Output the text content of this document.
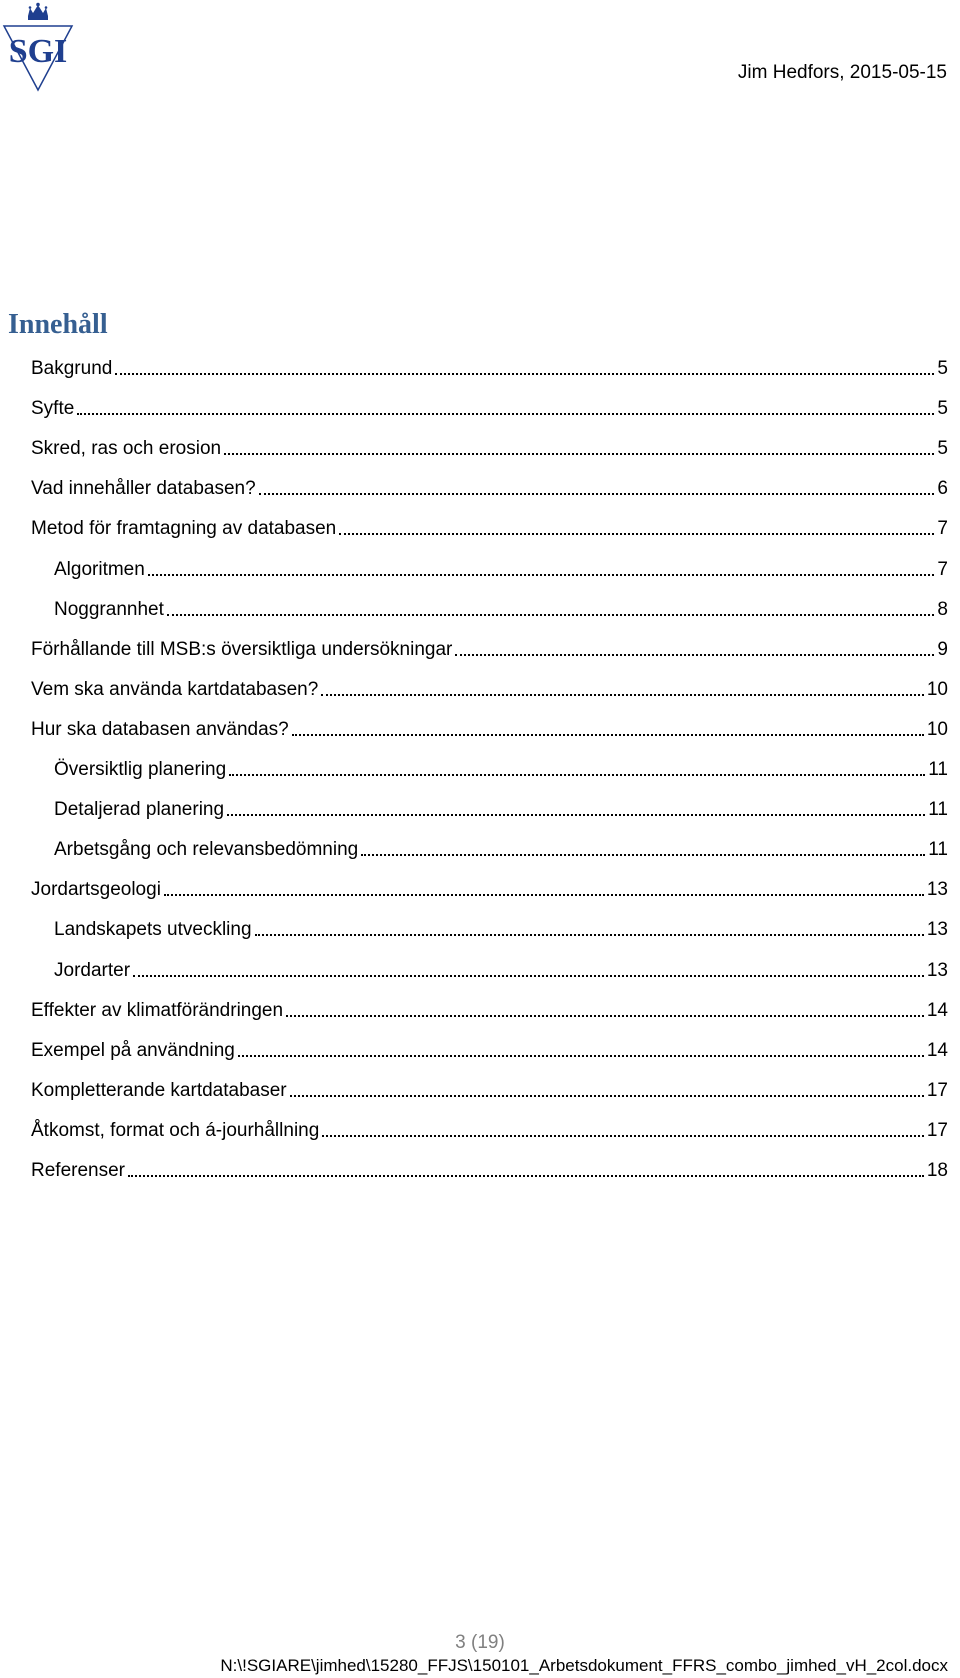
SGI
Jim Hedfors, 2015-05-15
Innehåll
Bakgrund	5
Syfte	5
Skred, ras och erosion	5
Vad innehåller databasen?	6
Metod för framtagning av databasen	7
Algoritmen	7
Noggrannhet	8
Förhållande till MSB:s översiktliga undersökningar	9
Vem ska använda kartdatabasen?	10
Hur ska databasen användas?	10
Översiktlig planering	11
Detaljerad planering	11
Arbetsgång och relevansbedömning	11
Jordartsgeologi	13
Landskapets utveckling	13
Jordarter	13
Effekter av klimatförändringen	14
Exempel på användning	14
Kompletterande kartdatabaser	17
Åtkomst, format och á-jourhållning	17
Referenser	18
3 (19)
N:\!SGIARE\jimhed\15280_FFJS\150101_Arbetsdokument_FFRS_combo_jimhed_vH_2col.docx
